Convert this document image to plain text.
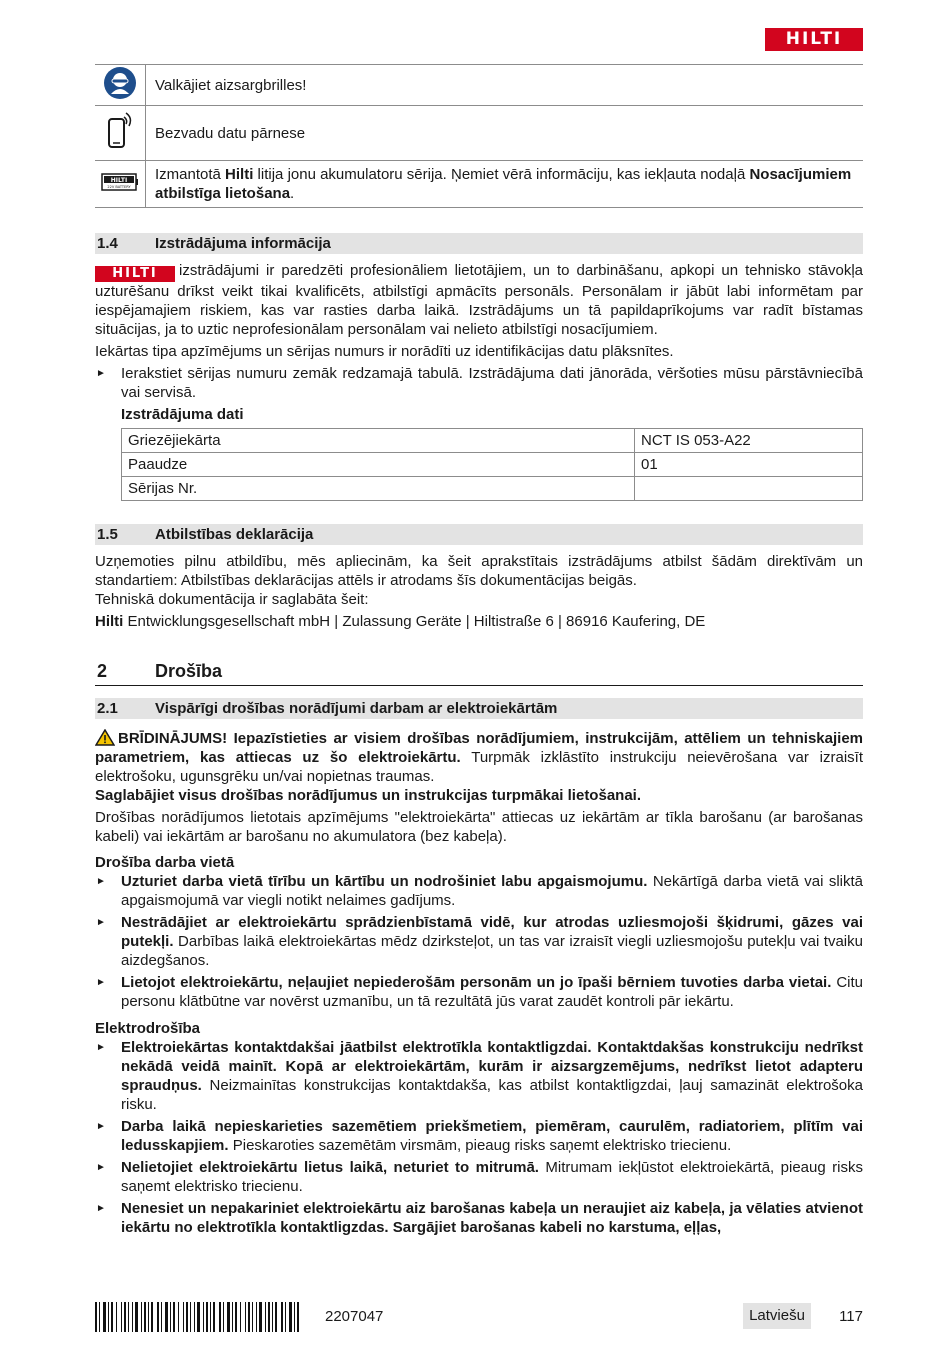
HILTI
	Valkājiet aizsargbrilles!
	Bezvadu datu pārnese

HILTI
22V BATTERY	Izmantotā Hilti litija jonu akumulatoru sērija. Ņemiet vērā informāciju, kas iekļauta nodaļā Nosacījumiem atbilstīga lietošana.
1.4	Izstrādājuma informācija

HILTI izstrādājumi ir paredzēti profesionāliem lietotājiem, un to darbināšanu, apkopi un tehnisko stāvokļa uzturēšanu drīkst veikt tikai kvalificēts, atbilstīgi apmācīts personāls. Personālam ir jābūt labi informētam par iespējamajiem riskiem, kas var rasties darba laikā. Izstrādājums un tā papildaprīkojums var radīt bīstamas situācijas, ja to uztic neprofesionālam personālam vai nelieto atbilstīgi nosacījumiem.

Iekārtas tipa apzīmējums un sērijas numurs ir norādīti uz identifikācijas datu plāksnītes.

► Ierakstiet sērijas numuru zemāk redzamajā tabulā. Izstrādājuma dati jānorāda, vēršoties mūsu pārstāvniecībā vai servisā.
Izstrādājuma dati
Griezējiekārta	NCT IS 053-A22
Paaudze	01
Sērijas Nr.	
1.5	Atbilstības deklarācija

Uzņemoties pilnu atbildību, mēs apliecinām, ka šeit aprakstītais izstrādājums atbilst šādām direktīvām un standartiem: Atbilstības deklarācijas attēls ir atrodams šīs dokumentācijas beigās.

Tehniskā dokumentācija ir saglabāta šeit:

Hilti Entwicklungsgesellschaft mbH | Zulassung Geräte | Hiltistraße 6 | 86916 Kaufering, DE

2	Drošība
2.1	Vispārīgi drošības norādījumi darbam ar elektroiekārtām

BRĪDINĀJUMS! Iepazīstieties ar visiem drošības norādījumiem, instrukcijām, attēliem un tehniskajiem parametriem, kas attiecas uz šo elektroiekārtu. Turpmāk izklāstīto instrukciju neievērošana var izraisīt elektrošoku, ugunsgrēku un/vai nopietnas traumas.

Saglabājiet visus drošības norādījumus un instrukcijas turpmākai lietošanai.

Drošības norādījumos lietotais apzīmējums "elektroiekārta" attiecas uz iekārtām ar tīkla barošanu (ar barošanas kabeli) vai iekārtām ar barošanu no akumulatora (bez kabeļa).

Drošība darba vietā
► Uzturiet darba vietā tīrību un kārtību un nodrošiniet labu apgaismojumu. Nekārtīgā darba vietā vai sliktā apgaismojumā var viegli notikt nelaimes gadījums.
► Nestrādājiet ar elektroiekārtu sprādzienbīstamā vidē, kur atrodas uzliesmojoši šķidrumi, gāzes vai putekļi. Darbības laikā elektroiekārtas mēdz dzirksteļot, un tas var izraisīt viegli uzliesmojošu putekļu vai tvaiku aizdegšanos.
► Lietojot elektroiekārtu, neļaujiet nepiederošām personām un jo īpaši bērniem tuvoties darba vietai. Citu personu klātbūtne var novērst uzmanību, un tā rezultātā jūs varat zaudēt kontroli pār iekārtu.
Elektrodrošība
► Elektroiekārtas kontaktdakšai jāatbilst elektrotīkla kontaktligzdai. Kontaktdakšas konstrukciju nedrīkst nekādā veidā mainīt. Kopā ar elektroiekārtām, kurām ir aizsargzemējums, nedrīkst lietot adapteru spraudņus. Neizmainītas konstrukcijas kontaktdakša, kas atbilst kontaktligzdai, ļauj samazināt elektrošoka risku.
► Darba laikā nepieskarieties sazemētiem priekšmetiem, piemēram, caurulēm, radiatoriem, plītīm vai ledusskapjiem. Pieskaroties sazemētām virsmām, pieaug risks saņemt elektrisko triecienu.
► Nelietojiet elektroiekārtu lietus laikā, neturiet to mitrumā. Mitrumam iekļūstot elektroiekārtā, pieaug risks saņemt elektrisko triecienu.
► Nenesiet un nepakariniet elektroiekārtu aiz barošanas kabeļa un neraujiet aiz kabeļa, ja vēlaties atvienot iekārtu no elektrotīkla kontaktligzdas. Sargājiet barošanas kabeli no karstuma, eļļas,
2207047	Latviešu	117
